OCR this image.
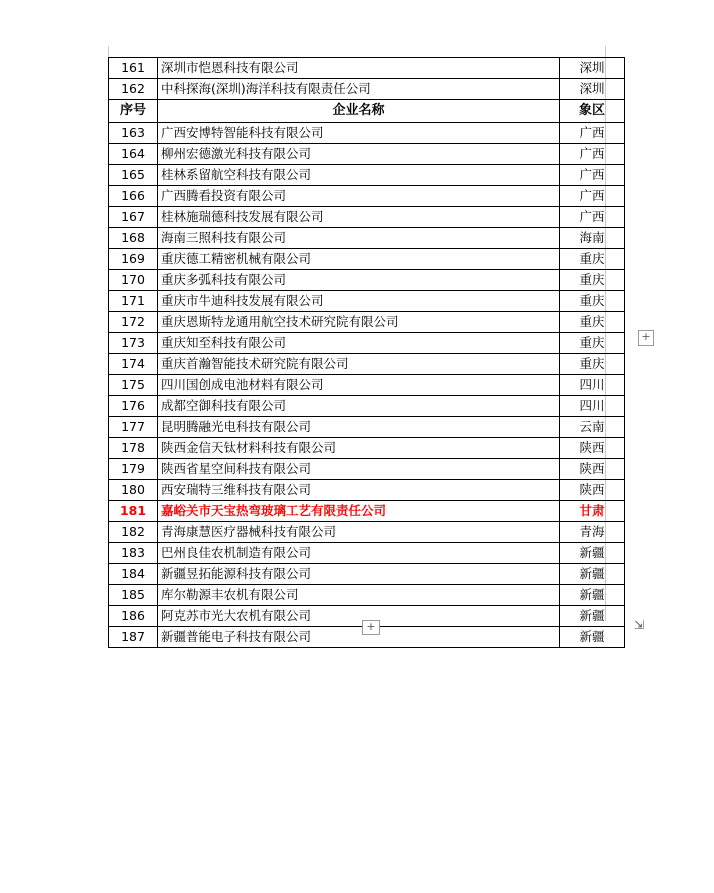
161	深圳市恺恩科技有限公司	深圳
162	中科探海(深圳)海洋科技有限责任公司	深圳
序号	企业名称	象区
163	广西安博特智能科技有限公司	广西
164	柳州宏德激光科技有限公司	广西
165	桂林系留航空科技有限公司	广西
166	广西腾看投资有限公司	广西
167	桂林施瑞德科技发展有限公司	广西
168	海南三照科技有限公司	海南
169	重庆德工精密机械有限公司	重庆
170	重庆多弧科技有限公司	重庆
171	重庆市牛迪科技发展有限公司	重庆
172	重庆恩斯特龙通用航空技术研究院有限公司	重庆
173	重庆知至科技有限公司	重庆
174	重庆首瀚智能技术研究院有限公司	重庆
175	四川国创成电池材料有限公司	四川
176	成都空御科技有限公司	四川
177	昆明腾融光电科技有限公司	云南
178	陕西金信天钛材料科技有限公司	陕西
179	陕西省星空间科技有限公司	陕西
180	西安瑞特三维科技有限公司	陕西
181	嘉峪关市天宝热弯玻璃工艺有限责任公司	甘肃
182	青海康慧医疗器械科技有限公司	青海
183	巴州良佳农机制造有限公司	新疆
184	新疆昱拓能源科技有限公司	新疆
185	库尔勒源丰农机有限公司	新疆
186	阿克苏市光大农机有限公司	新疆
187	新疆普能电子科技有限公司	新疆
+
+	⇲
